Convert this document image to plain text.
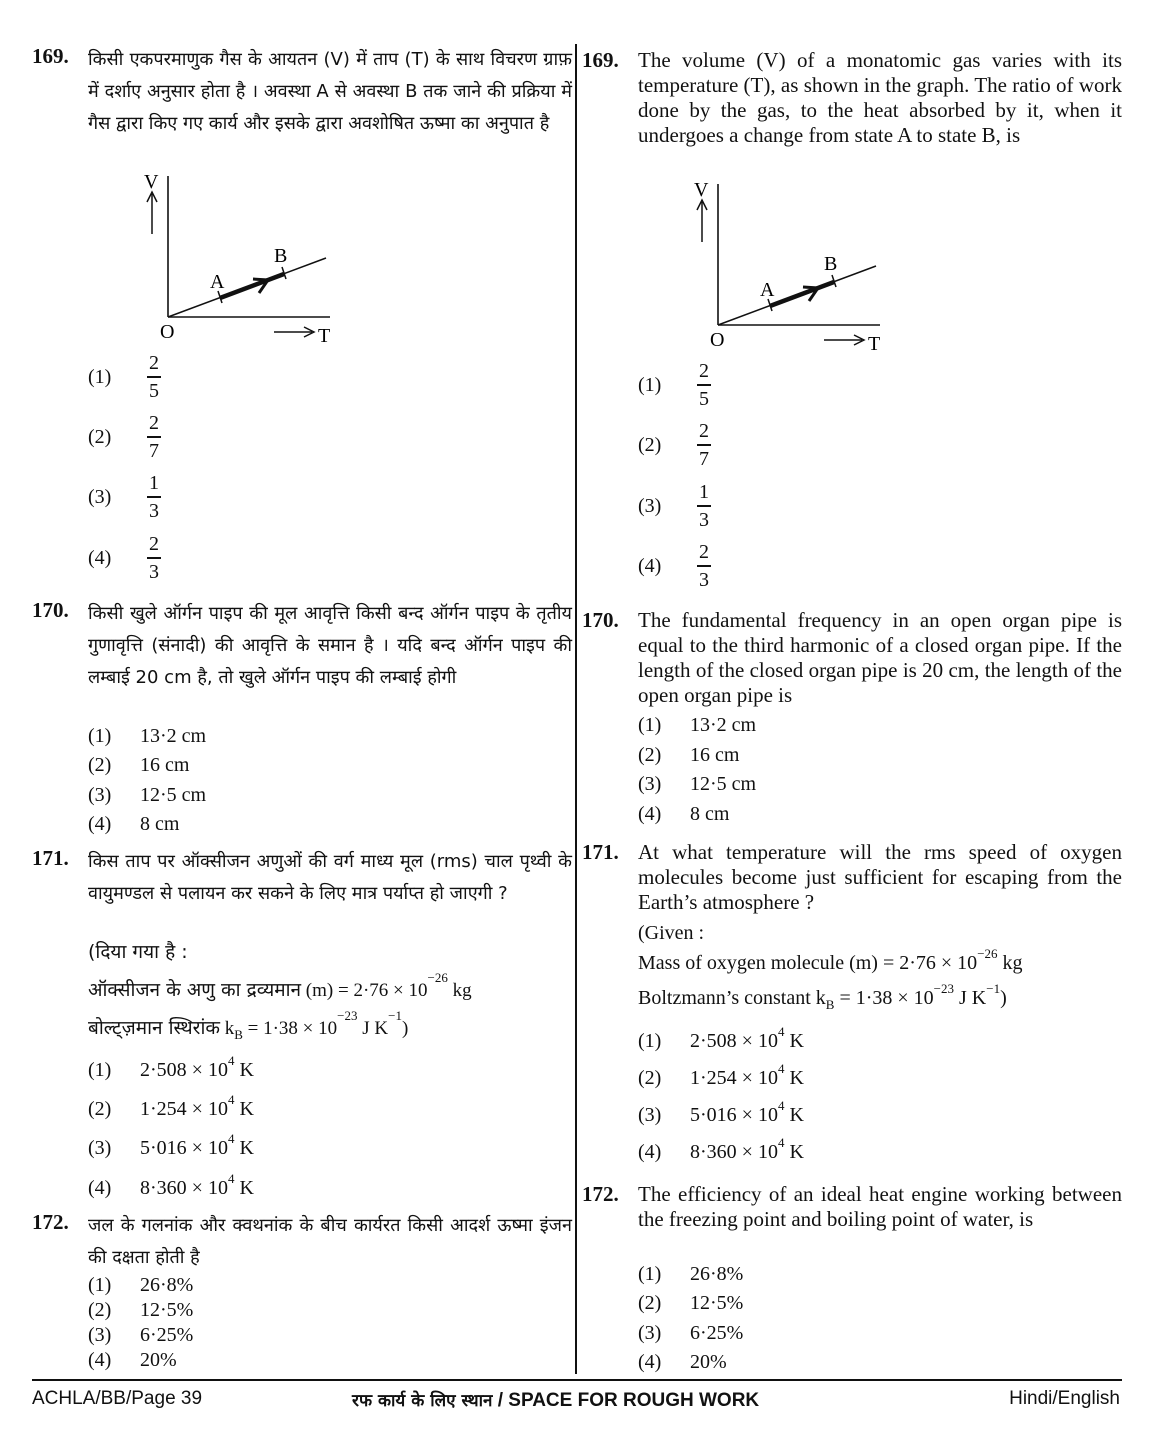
169. किसी एकपरमाणुक गैस के आयतन (V) में ताप (T) के साथ विचरण ग्राफ़ में दर्शाए अनुसार होता है । अवस्था A से अवस्था B तक जाने की प्रक्रिया में गैस द्वारा किए गए कार्य और इसके द्वारा अवशोषित ऊष्मा का अनुपात है
V
T
O
A
B
(1)
2
5
(2)
2
7
(3)
1
3
(4)
2
3
170. किसी खुले ऑर्गन पाइप की मूल आवृत्ति किसी बन्द ऑर्गन पाइप के तृतीय गुणावृत्ति (संनादी) की आवृत्ति के समान है । यदि बन्द ऑर्गन पाइप की लम्बाई 20 cm है, तो खुले ऑर्गन पाइप की लम्बाई होगी
(1) 13·2 cm
(2) 16 cm
(3) 12·5 cm
(4) 8 cm
171. किस ताप पर ऑक्सीजन अणुओं की वर्ग माध्य मूल (rms) चाल पृथ्वी के वायुमण्डल से पलायन कर सकने के लिए मात्र पर्याप्त हो जाएगी ?
(दिया गया है :
ऑक्सीजन के अणु का द्रव्यमान $(m) = 2\cdot 76 \times 10^{-26}$ kg
बोल्ट्ज़मान स्थिरांक $k_B = 1\cdot 38 \times 10^{-23}$ J $K^{-1}$)
(1) $2\cdot 508 \times 10^4$ K
(2) $1\cdot 254 \times 10^4$ K
(3) $5\cdot 016 \times 10^4$ K
(4) $8\cdot 360 \times 10^4$ K
172. जल के गलनांक और क्वथनांक के बीच कार्यरत किसी आदर्श ऊष्मा इंजन की दक्षता होती है
(1) 26·8%
(2) 12·5%
(3) 6·25%
(4) 20%
169. The volume (V) of a monatomic gas varies with its temperature (T), as shown in the graph. The ratio of work done by the gas, to the heat absorbed by it, when it undergoes a change from state A to state B, is
V
T
O
A
B
(1)
2
5
(2)
2
7
(3)
1
3
(4)
2
3
170. The fundamental frequency in an open organ pipe is equal to the third harmonic of a closed organ pipe. If the length of the closed organ pipe is 20 cm, the length of the open organ pipe is
(1) 13·2 cm
(2) 16 cm
(3) 12·5 cm
(4) 8 cm
171. At what temperature will the rms speed of oxygen molecules become just sufficient for escaping from the Earth’s atmosphere ?
(Given :
Mass of oxygen molecule $(m) = 2\cdot 76 \times 10^{-26}$ kg
Boltzmann’s constant $k_B = 1\cdot 38 \times 10^{-23}$ J $K^{-1}$)
(1) $2\cdot 508 \times 10^4$ K
(2) $1\cdot 254 \times 10^4$ K
(3) $5\cdot 016 \times 10^4$ K
(4) $8\cdot 360 \times 10^4$ K
172. The efficiency of an ideal heat engine working between the freezing point and boiling point of water, is
(1) 26·8%
(2) 12·5%
(3) 6·25%
(4) 20%
ACHLA/BB/Page 39	रफ कार्य के लिए स्थान / SPACE FOR ROUGH WORK	Hindi/English
